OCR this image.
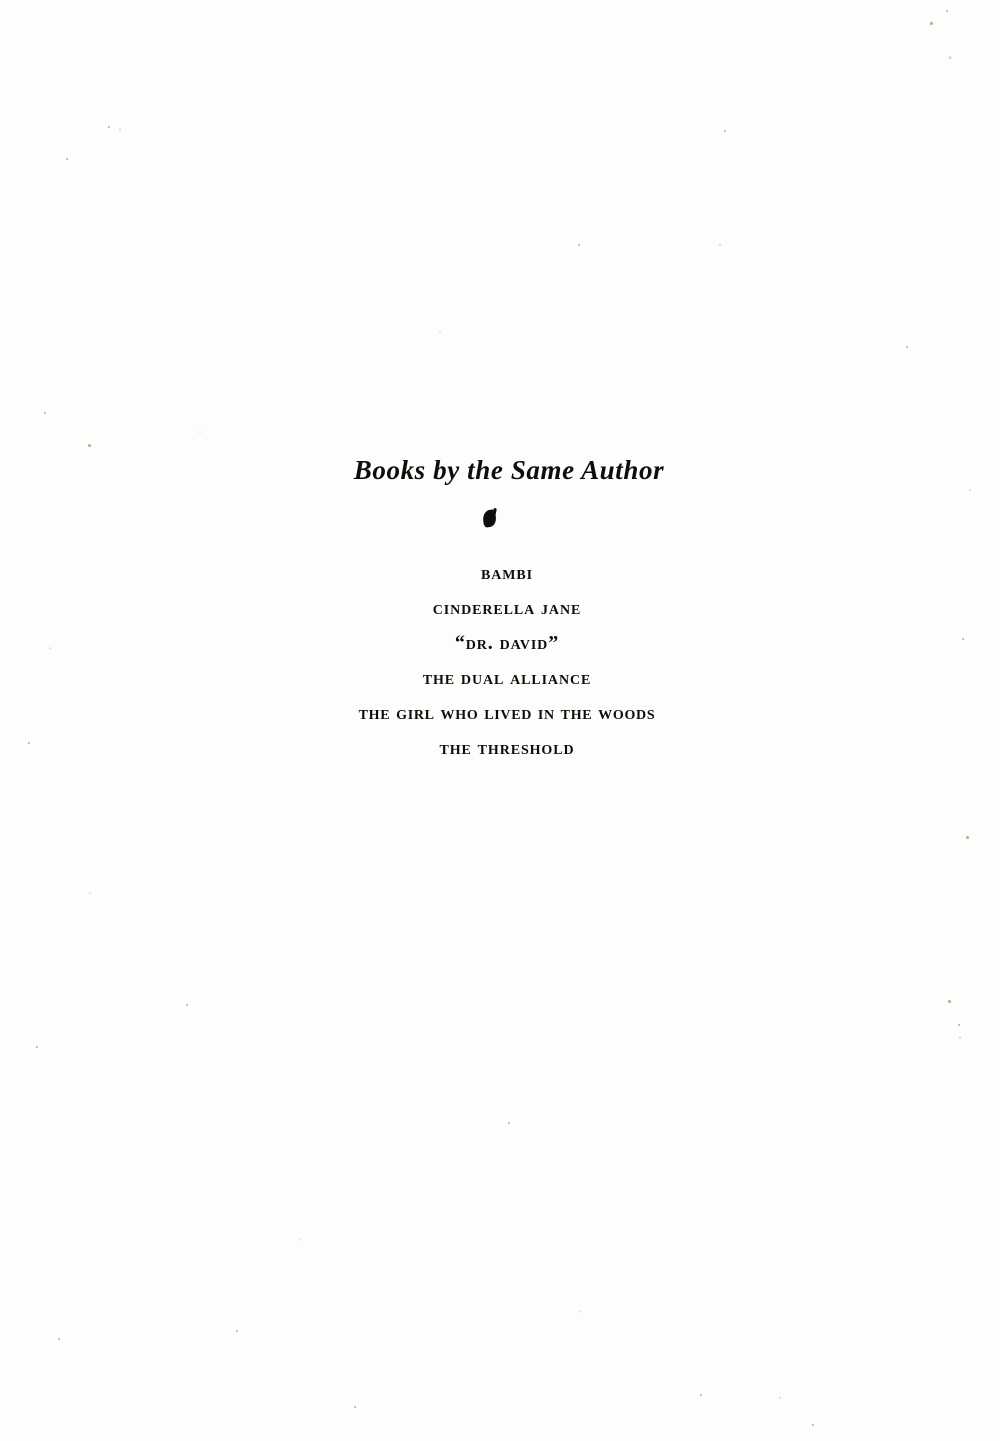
Books by the Same Author
bambi
cinderella jane
“dr. david”
the dual alliance
the girl who lived in the woods
the threshold
